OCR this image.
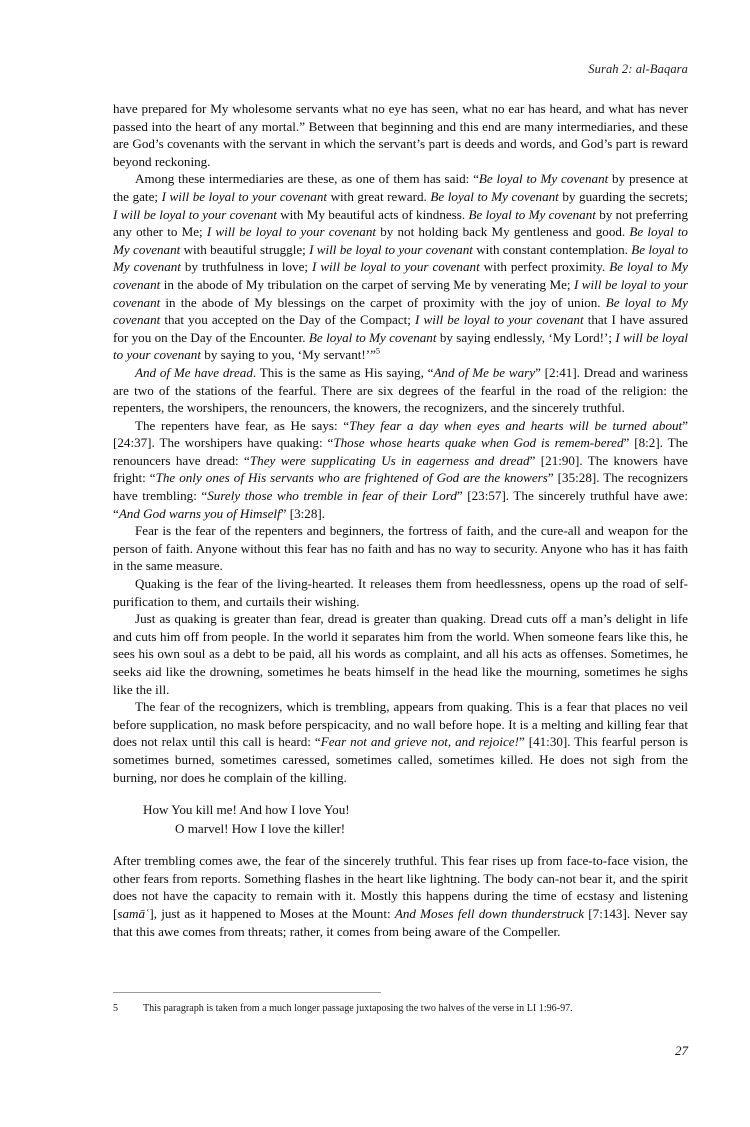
Surah 2: al-Baqara

have prepared for My wholesome servants what no eye has seen, what no ear has heard, and what has never passed into the heart of any mortal.” Between that beginning and this end are many intermediaries, and these are God’s covenants with the servant in which the servant’s part is deeds and words, and God’s part is reward beyond reckoning.

Among these intermediaries are these, as one of them has said: “Be loyal to My covenant by presence at the gate; I will be loyal to your covenant with great reward. Be loyal to My covenant by guarding the secrets; I will be loyal to your covenant with My beautiful acts of kindness. Be loyal to My covenant by not preferring any other to Me; I will be loyal to your covenant by not holding back My gentleness and good. Be loyal to My covenant with beautiful struggle; I will be loyal to your covenant with constant contemplation. Be loyal to My covenant by truthfulness in love; I will be loyal to your covenant with perfect proximity. Be loyal to My covenant in the abode of My tribulation on the carpet of serving Me by venerating Me; I will be loyal to your covenant in the abode of My blessings on the carpet of proximity with the joy of union. Be loyal to My covenant that you accepted on the Day of the Compact; I will be loyal to your covenant that I have assured for you on the Day of the Encounter. Be loyal to My covenant by saying endlessly, ‘My Lord!’; I will be loyal to your covenant by saying to you, ‘My servant!’”$^5$

And of Me have dread. This is the same as His saying, “And of Me be wary” [2:41]. Dread and wariness are two of the stations of the fearful. There are six degrees of the fearful in the road of the religion: the repenters, the worshipers, the renouncers, the knowers, the recognizers, and the sincerely truthful.

The repenters have fear, as He says: “They fear a day when eyes and hearts will be turned about” [24:37]. The worshipers have quaking: “Those whose hearts quake when God is remem-bered” [8:2]. The renouncers have dread: “They were supplicating Us in eagerness and dread” [21:90]. The knowers have fright: “The only ones of His servants who are frightened of God are the knowers” [35:28]. The recognizers have trembling: “Surely those who tremble in fear of their Lord” [23:57]. The sincerely truthful have awe: “And God warns you of Himself” [3:28].

Fear is the fear of the repenters and beginners, the fortress of faith, and the cure-all and weapon for the person of faith. Anyone without this fear has no faith and has no way to security. Anyone who has it has faith in the same measure.

Quaking is the fear of the living-hearted. It releases them from heedlessness, opens up the road of self-purification to them, and curtails their wishing.

Just as quaking is greater than fear, dread is greater than quaking. Dread cuts off a man’s delight in life and cuts him off from people. In the world it separates him from the world. When someone fears like this, he sees his own soul as a debt to be paid, all his words as complaint, and all his acts as offenses. Sometimes, he seeks aid like the drowning, sometimes he beats himself in the head like the mourning, sometimes he sighs like the ill.

The fear of the recognizers, which is trembling, appears from quaking. This is a fear that places no veil before supplication, no mask before perspicacity, and no wall before hope. It is a melting and killing fear that does not relax until this call is heard: “Fear not and grieve not, and rejoice!” [41:30]. This fearful person is sometimes burned, sometimes caressed, sometimes called, sometimes killed. He does not sigh from the burning, nor does he complain of the killing.

How You kill me! And how I love You!
O marvel! How I love the killer!

After trembling comes awe, the fear of the sincerely truthful. This fear rises up from face-to-face vision, the other fears from reports. Something flashes in the heart like lightning. The body can-not bear it, and the spirit does not have the capacity to remain with it. Mostly this happens during the time of ecstasy and listening [samāʿ], just as it happened to Moses at the Mount: And Moses fell down thunderstruck [7:143]. Never say that this awe comes from threats; rather, it comes from being aware of the Compeller.

5	This paragraph is taken from a much longer passage juxtaposing the two halves of the verse in LI 1:96-97.
27
